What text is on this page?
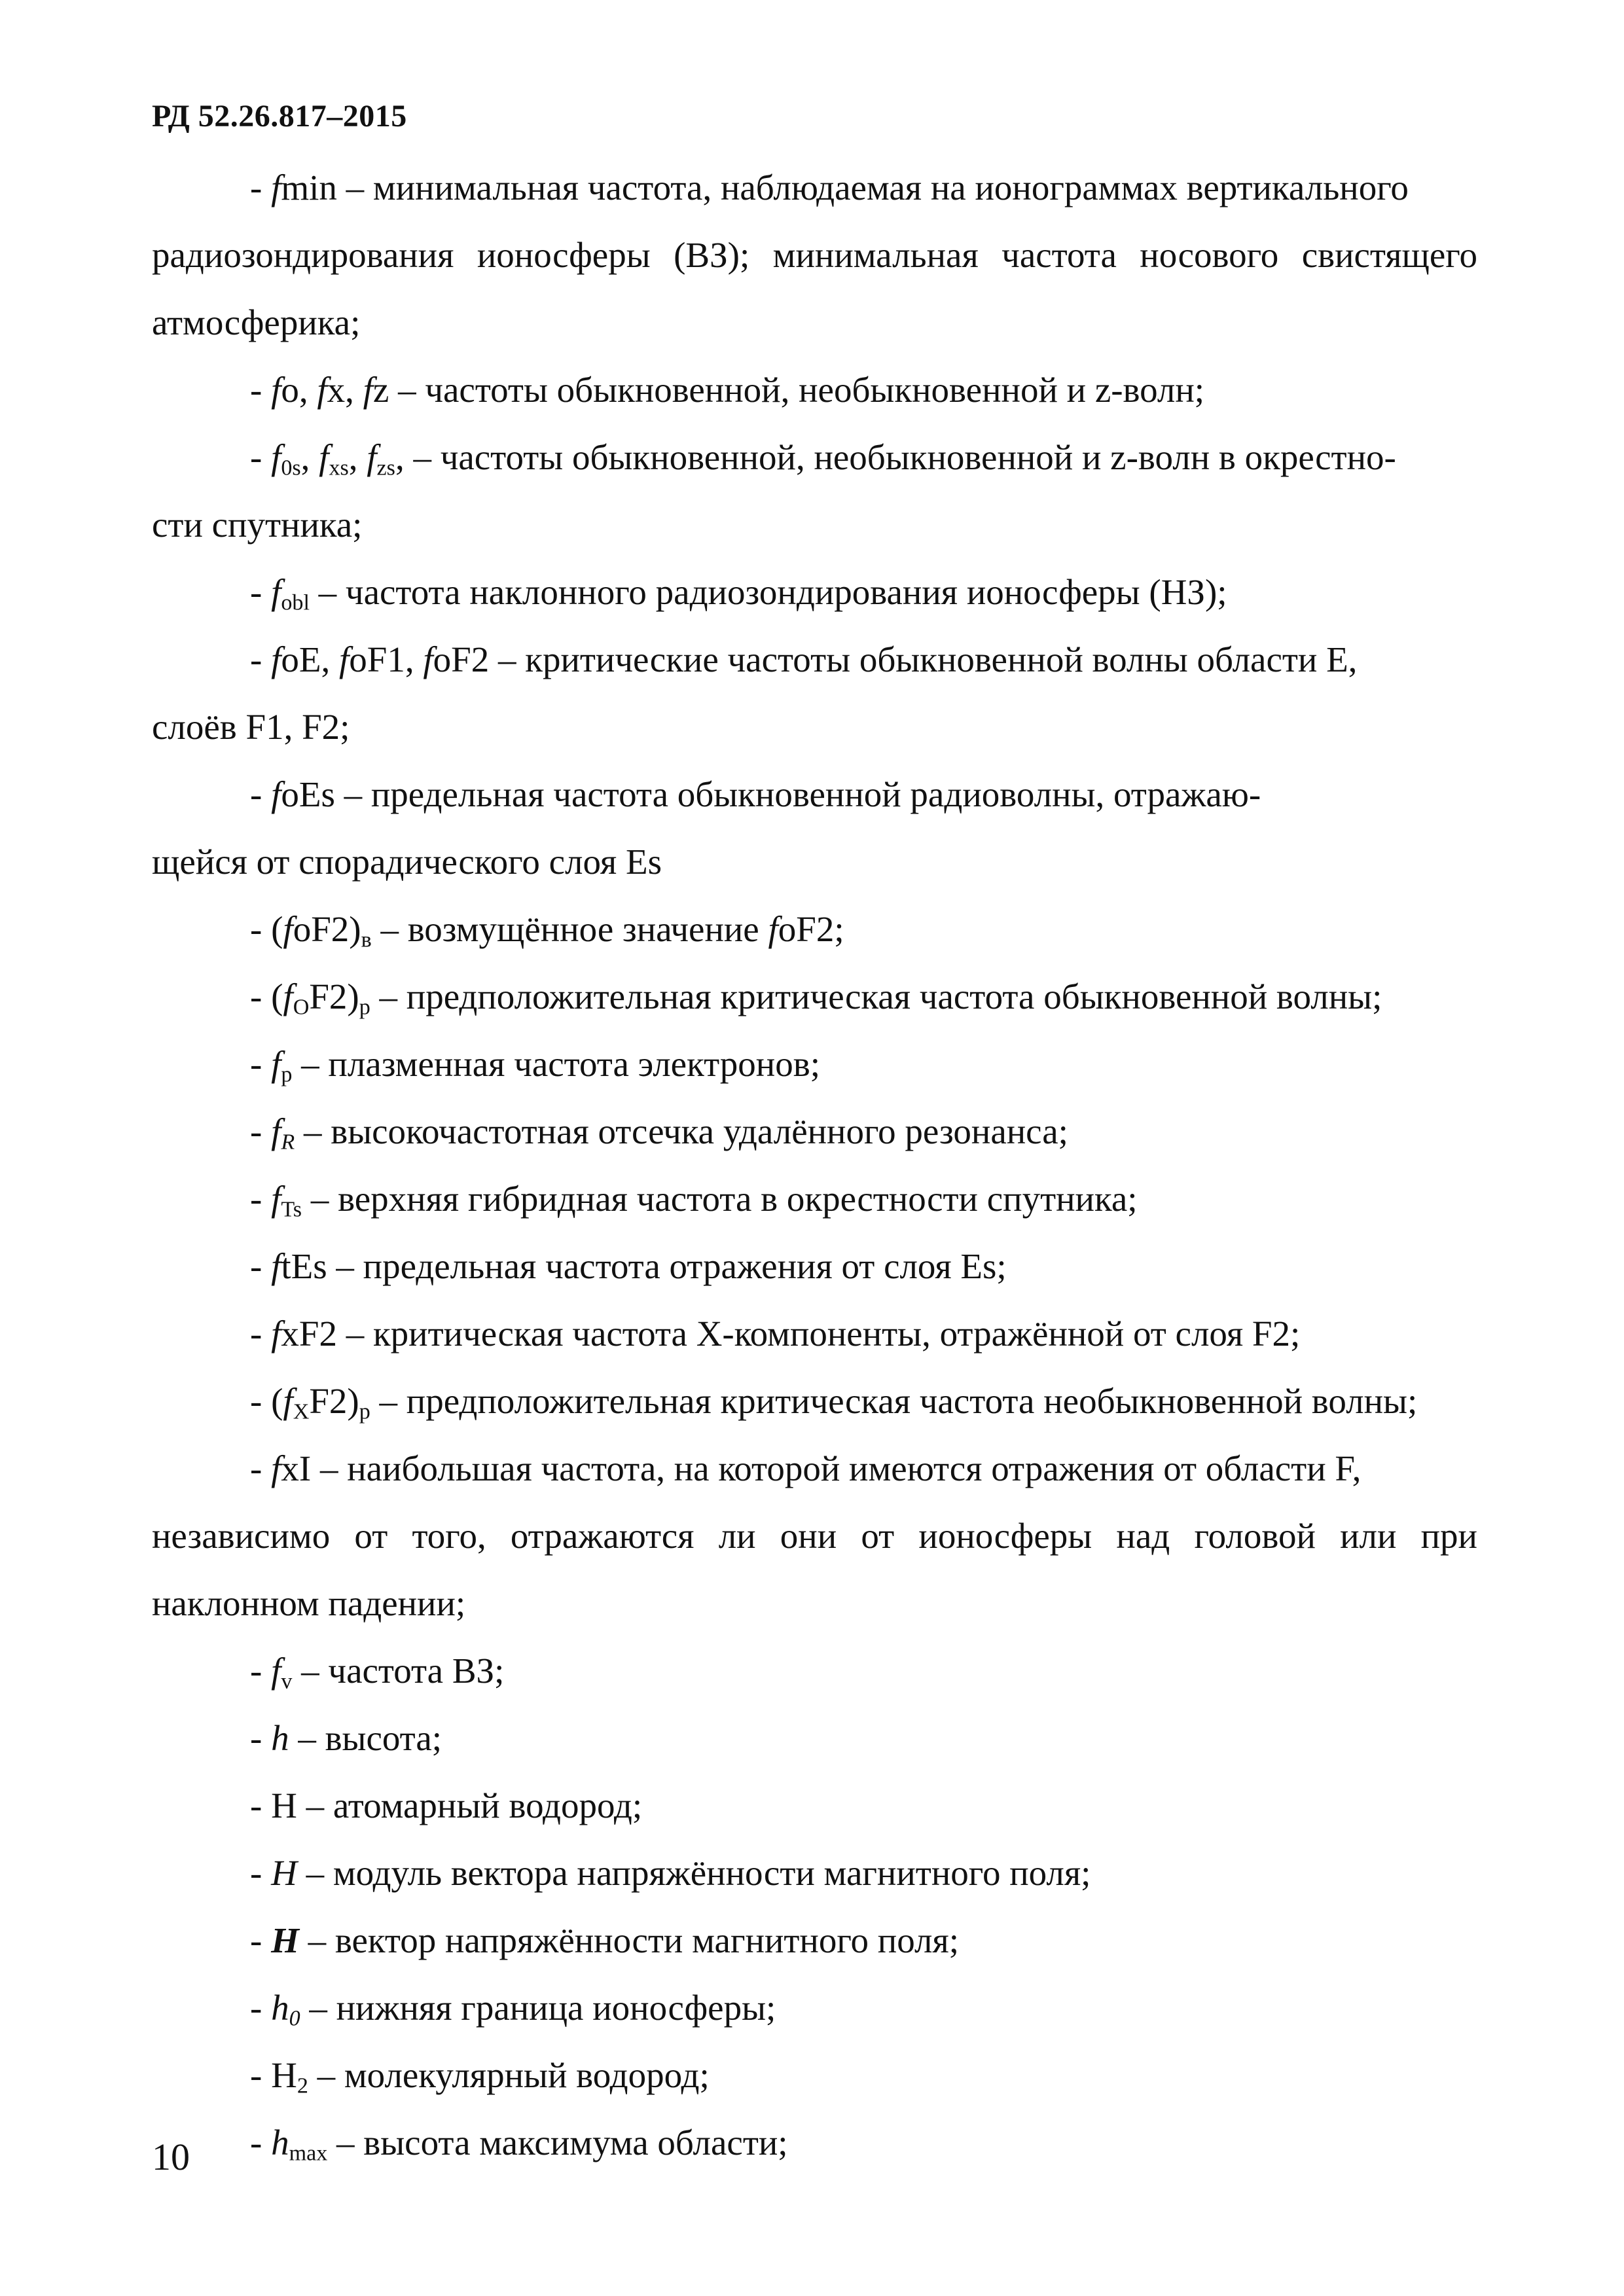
РД 52.26.817–2015

- fmin – минимальная частота, наблюдаемая на ионограммах вертикального

радиозондирования ионосферы (ВЗ); минимальная частота носового свистящего

атмосферика;

- fo, fx, fz – частоты обыкновенной, необыкновенной и z-волн;

- $f_{0s}$, $f_{xs}$, $f_{zs}$, – частоты обыкновенной, необыкновенной и z-волн в окрестно-

сти спутника;

- $f_{obl}$ – частота наклонного радиозондирования ионосферы (НЗ);

- foE, foF1, foF2 – критические частоты обыкновенной волны области Е,

слоёв F1, F2;

- foEs – предельная частота обыкновенной радиоволны, отражаю-

щейся от спорадического слоя Es

- $(foF2)_в$ – возмущённое значение foF2;

- $(f_OF2)_p$ – предположительная критическая частота обыкновенной волны;

- $f_p$ – плазменная частота электронов;

- $f_R$ – высокочастотная отсечка удалённого резонанса;

- $f_{Ts}$ – верхняя гибридная частота в окрестности спутника;

- ftEs – предельная частота отражения от слоя Es;

- fxF2 – критическая частота Х-компоненты, отражённой от слоя F2;

- $(f_XF2)_p$ – предположительная критическая частота необыкновенной волны;

- fxI – наибольшая частота, на которой имеются отражения от области F,

независимо от того, отражаются ли они от ионосферы над головой или при

наклонном падении;

- $f_v$ – частота ВЗ;

- h – высота;

- Н – атомарный водород;

- H – модуль вектора напряжённости магнитного поля;

- H – вектор напряжённости магнитного поля;

- $h_0$ – нижняя граница ионосферы;

- $H_2$ – молекулярный водород;

- $h_{max}$ – высота максимума области;

10
